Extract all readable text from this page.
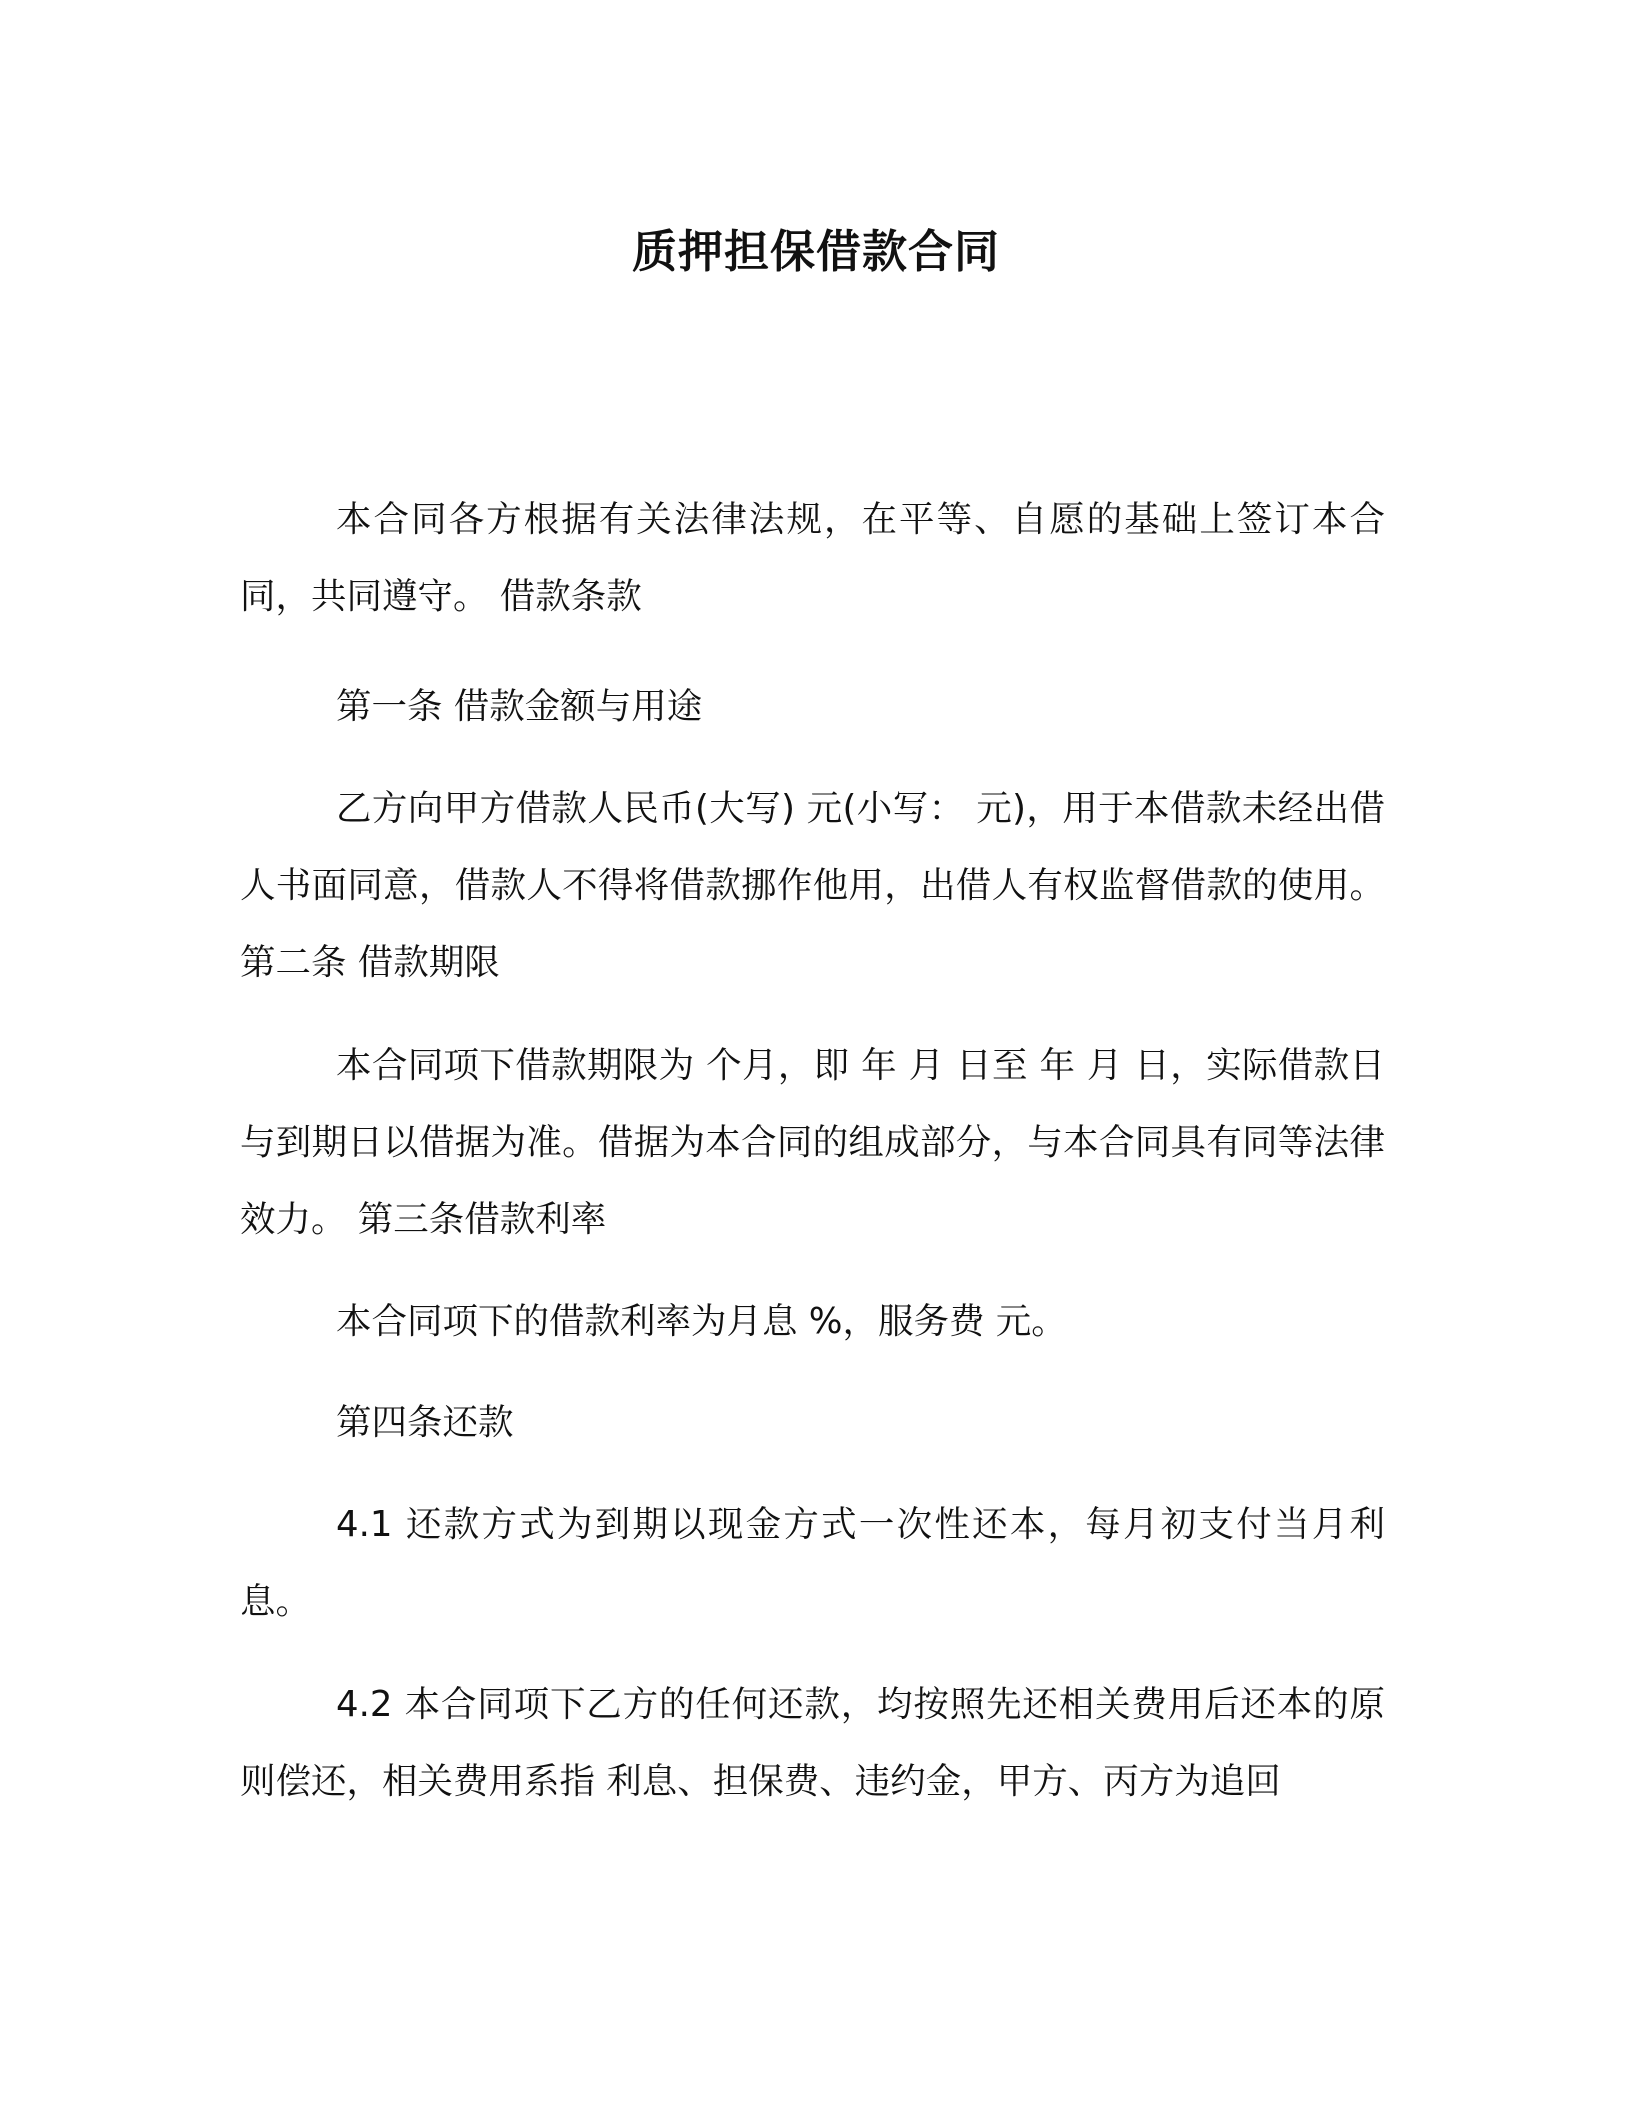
质押担保借款合同

本合同各方根据有关法律法规，在平等、自愿的基础上签订本合同，共同遵守。 借款条款

第一条 借款金额与用途

乙方向甲方借款人民币(大写) 元(小写： 元)，用于本借款未经出借人书面同意，借款人不得将借款挪作他用，出借人有权监督借款的使用。 第二条 借款期限

本合同项下借款期限为 个月，即 年 月 日至 年 月 日，实际借款日与到期日以借据为准。借据为本合同的组成部分，与本合同具有同等法律效力。 第三条借款利率

本合同项下的借款利率为月息 %，服务费 元。

第四条还款

4.1 还款方式为到期以现金方式一次性还本，每月初支付当月利息。

4.2 本合同项下乙方的任何还款，均按照先还相关费用后还本的原则偿还，相关费用系指 利息、担保费、违约金，甲方、丙方为追回
